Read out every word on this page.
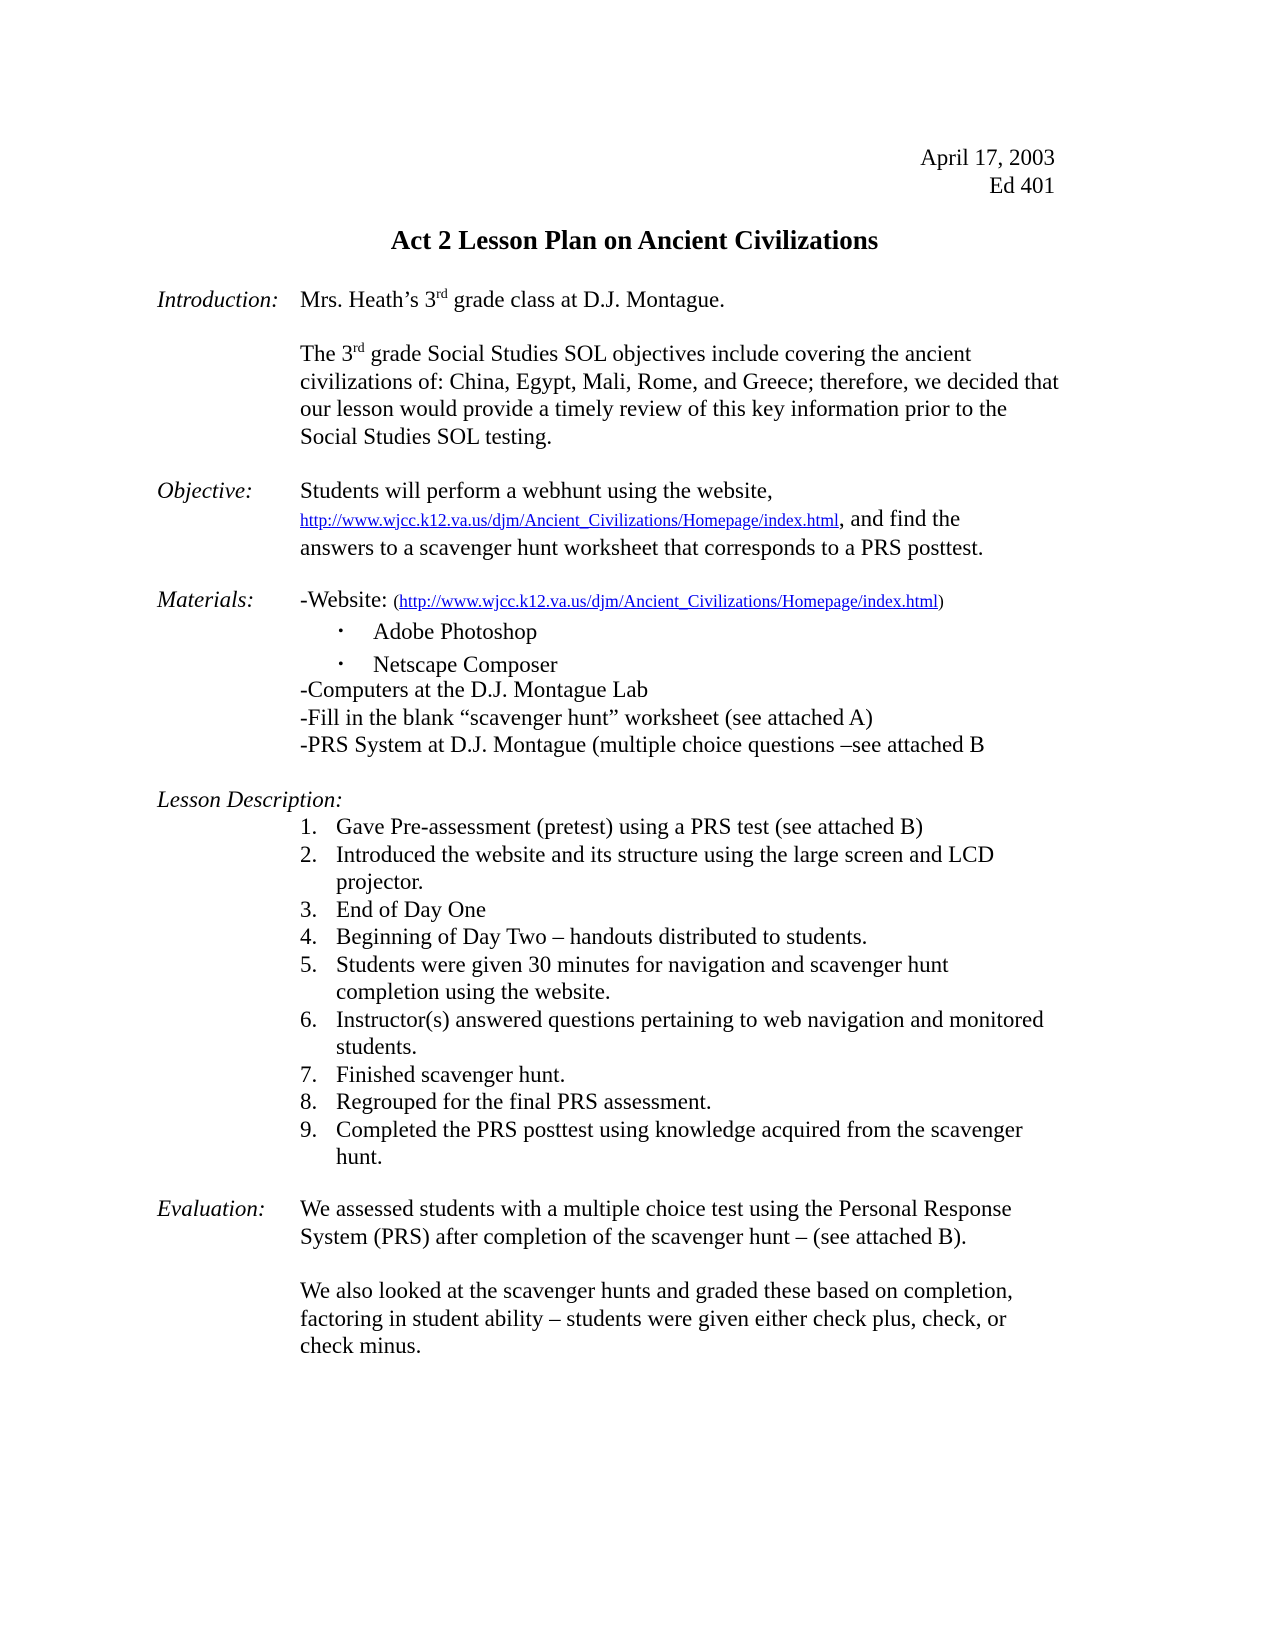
April 17, 2003
Ed 401
Act 2 Lesson Plan on Ancient Civilizations
Introduction: Mrs. Heath’s 3rd grade class at D.J. Montague.

The 3rd grade Social Studies SOL objectives include covering the ancient civilizations of: China, Egypt, Mali, Rome, and Greece; therefore, we decided that our lesson would provide a timely review of this key information prior to the Social Studies SOL testing.

Objective: Students will perform a webhunt using the website,
http://www.wjcc.k12.va.us/djm/Ancient_Civilizations/Homepage/index.html, and find the
answers to a scavenger hunt worksheet that corresponds to a PRS posttest.
Materials: -Website: (http://www.wjcc.k12.va.us/djm/Ancient_Civilizations/Homepage/index.html)
• Adobe Photoshop
• Netscape Composer
-Computers at the D.J. Montague Lab
-Fill in the blank “scavenger hunt” worksheet (see attached A)
-PRS System at D.J. Montague (multiple choice questions –see attached B
Lesson Description:
1. Gave Pre-assessment (pretest) using a PRS test (see attached B)
2. Introduced the website and its structure using the large screen and LCD projector.
3. End of Day One
4. Beginning of Day Two – handouts distributed to students.
5. Students were given 30 minutes for navigation and scavenger hunt completion using the website.
6. Instructor(s) answered questions pertaining to web navigation and monitored students.
7. Finished scavenger hunt.
8. Regrouped for the final PRS assessment.
9. Completed the PRS posttest using knowledge acquired from the scavenger hunt.
Evaluation: We assessed students with a multiple choice test using the Personal Response System (PRS) after completion of the scavenger hunt – (see attached B).

We also looked at the scavenger hunts and graded these based on completion, factoring in student ability – students were given either check plus, check, or check minus.
